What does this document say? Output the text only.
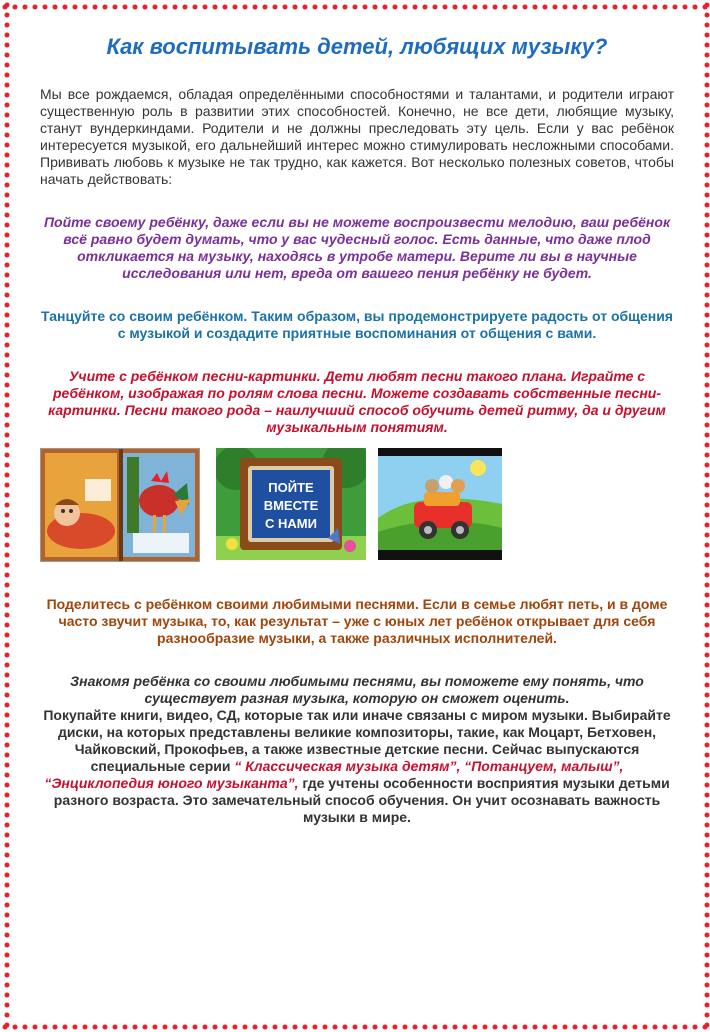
Как воспитывать детей, любящих музыку?

Мы все рождаемся, обладая определёнными способностями и талантами, и родители играют существенную роль в развитии этих способностей. Конечно, не все дети, любящие музыку, станут вундеркиндами. Родители и не должны преследовать эту цель. Если у вас ребёнок интересуется музыкой, его дальнейший интерес можно стимулировать несложными способами. Прививать любовь к музыке не так трудно, как кажется. Вот несколько полезных советов, чтобы начать действовать:

Пойте своему ребёнку, даже если вы не можете воспроизвести мелодию, ваш ребёнок всё равно будет думать, что у вас чудесный голос. Есть данные, что даже плод откликается на музыку, находясь в утробе матери. Верите ли вы в научные исследования или нет, вреда от вашего пения ребёнку не будет.

Танцуйте со своим ребёнком. Таким образом, вы продемонстрируете радость от общения с музыкой и создадите приятные воспоминания от общения с вами.

Учите с ребёнком песни-картинки. Дети любят песни такого плана. Играйте с ребёнком, изображая по ролям слова песни. Можете создавать собственные песни-картинки. Песни такого рода – наилучший способ обучить детей ритму, да и другим музыкальным понятиям.

ПОЙТЕ
ВМЕСТЕ
С НАМИ

Поделитесь с ребёнком своими любимыми песнями. Если в семье любят петь, и в доме часто звучит музыка, то, как результат – уже с юных лет ребёнок открывает для себя разнообразие музыки, а также различных исполнителей.

Знакомя ребёнка со своими любимыми песнями, вы поможете ему понять, что существует разная музыка, которую он сможет оценить.
Покупайте книги, видео, СД, которые так или иначе связаны с миром музыки. Выбирайте диски, на которых представлены великие композиторы, такие, как Моцарт, Бетховен, Чайковский, Прокофьев, а также известные детские песни. Сейчас выпускаются специальные серии “ Классическая музыка детям”, “Потанцуем, малыш”, “Энциклопедия юного музыканта”, где учтены особенности восприятия музыки детьми разного возраста. Это замечательный способ обучения. Он учит осознавать важность музыки в мире.
